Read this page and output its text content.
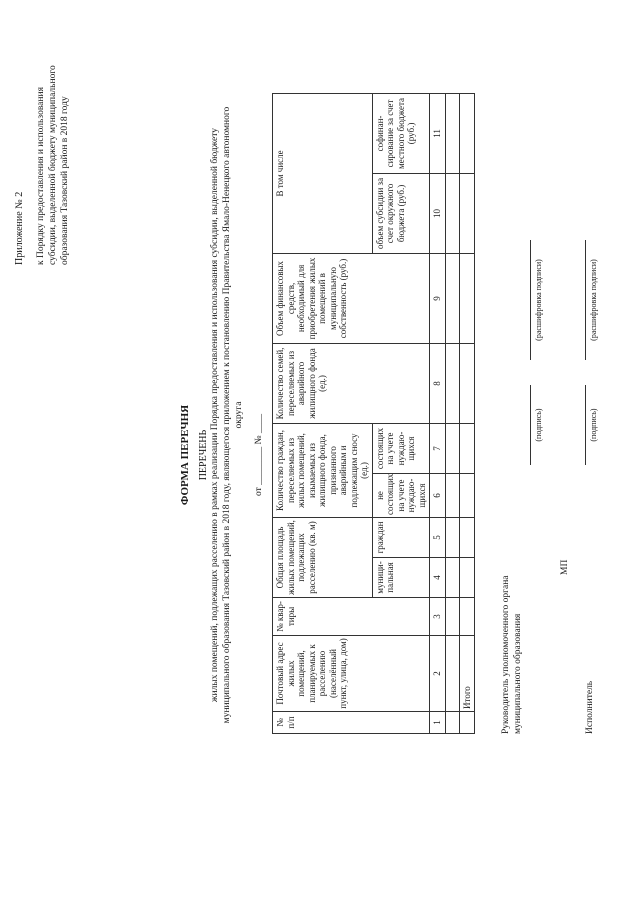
Приложение № 2 к Порядку предоставления и использования субсидии, выделенной бюджету муниципального образования Тазовский район в 2018 году
ФОРМА ПЕРЕЧНЯ ПЕРЕЧЕНЬ жилых помещений, подлежащих расселению в рамках реализации Порядка предоставления и использования субсидии, выделенной бюджету муниципального образования Тазовский район в 2018 году, являющегося приложением к постановлению Правительства Ямало-Ненецкого автономного округа
№ п/п	Почтовый адрес жилых помещений, планируемых к расселению (населённый пункт, улица, дом)	№ квар-тиры	Общая площадь жилых помещений, подлежащих расселению (кв. м)		Количество граждан, переселяемых из жилых помещений, изымаемых из жилищного фонда, признанного аварийным и подлежащим сносу (ед.)		Количество семей, переселяемых из аварийного жилищного фонда (ед.)	Объем финансовых средств, необходимый для приобретения жилых помещений в муниципальную собственность (руб.)	В том числе	
			муници-пальная	граждан	не состоящих на учете нуждаю-щихся	состоящих на учете нуждаю-щихся			объем субсидии за счет окружного бюджета (руб.)	софинан-сирование за счет местного бюджета (руб.)
1	2	3	4	5	6	7	8	9	10	11

	Итого										Руководитель уполномоченного органа муниципального образования
(подпись)
(расшифровка подписи)
МП
Исполнитель
(подпись)
(расшифровка подписи)
от ________ № ____
